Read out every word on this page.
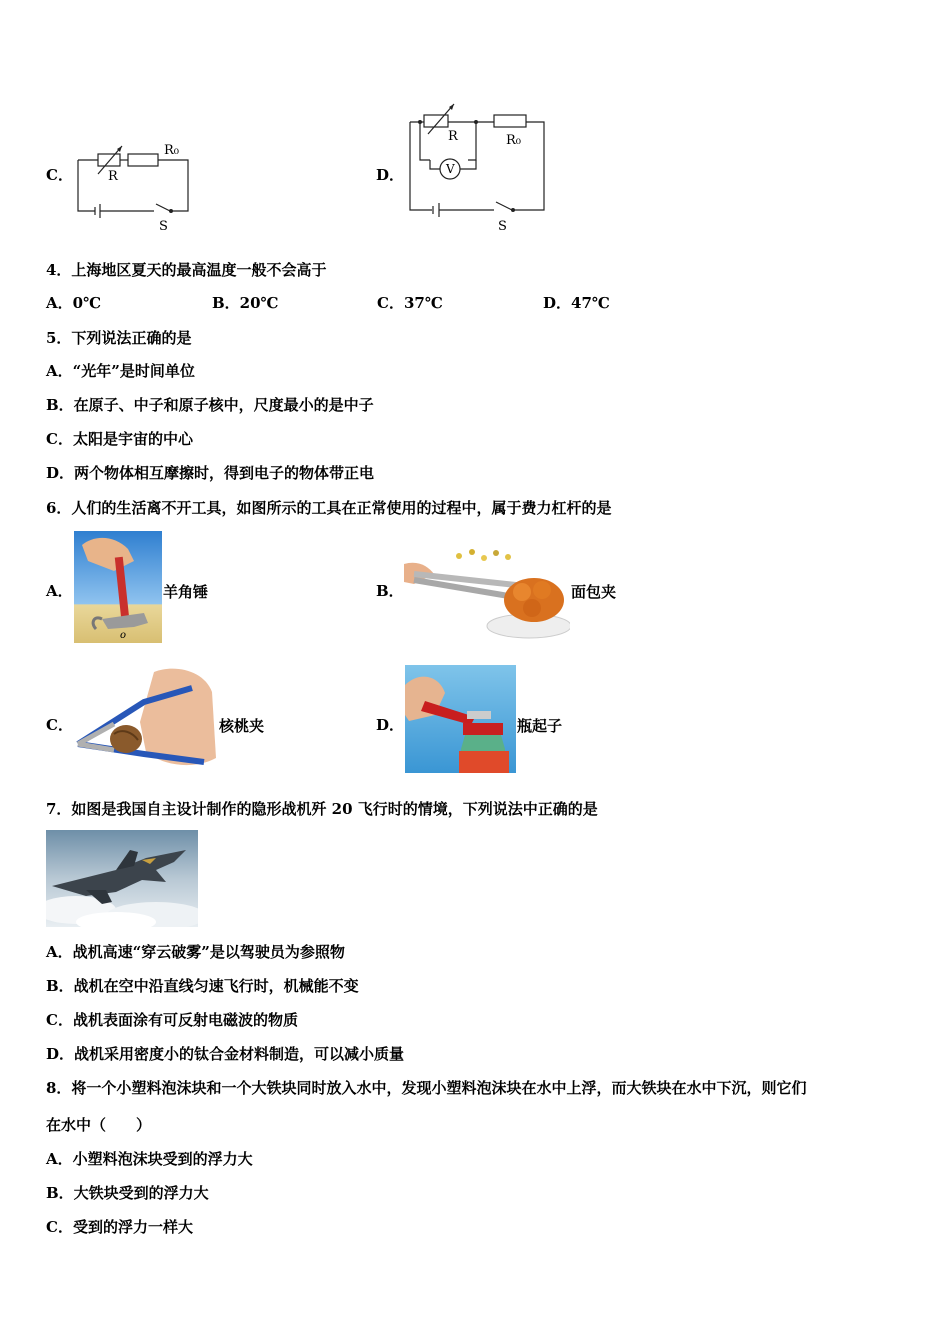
C．	R
R₀
S
D．	V
R	R₀
S
4．上海地区夏天的最高温度一般不会高于
A．0℃	B．20℃	C．37℃	D．47℃
5．下列说法正确的是
A．“光年”是时间单位
B．在原子、中子和原子核中，尺度最小的是中子
C．太阳是宇宙的中心
D．两个物体相互摩擦时，得到电子的物体带正电
6．人们的生活离不开工具，如图所示的工具在正常使用的过程中，属于费力杠杆的是
A．
o
羊角锤	B．	面包夹
C．	核桃夹	D．	瓶起子
7．如图是我国自主设计制作的隐形战机歼 20 飞行时的情境，下列说法中正确的是
A．战机高速“穿云破雾”是以驾驶员为参照物
B．战机在空中沿直线匀速飞行时，机械能不变
C．战机表面涂有可反射电磁波的物质
D．战机采用密度小的钛合金材料制造，可以减小质量
8．将一个小塑料泡沫块和一个大铁块同时放入水中，发现小塑料泡沫块在水中上浮，而大铁块在水中下沉，则它们
在水中（　　）
A．小塑料泡沫块受到的浮力大
B．大铁块受到的浮力大
C．受到的浮力一样大
